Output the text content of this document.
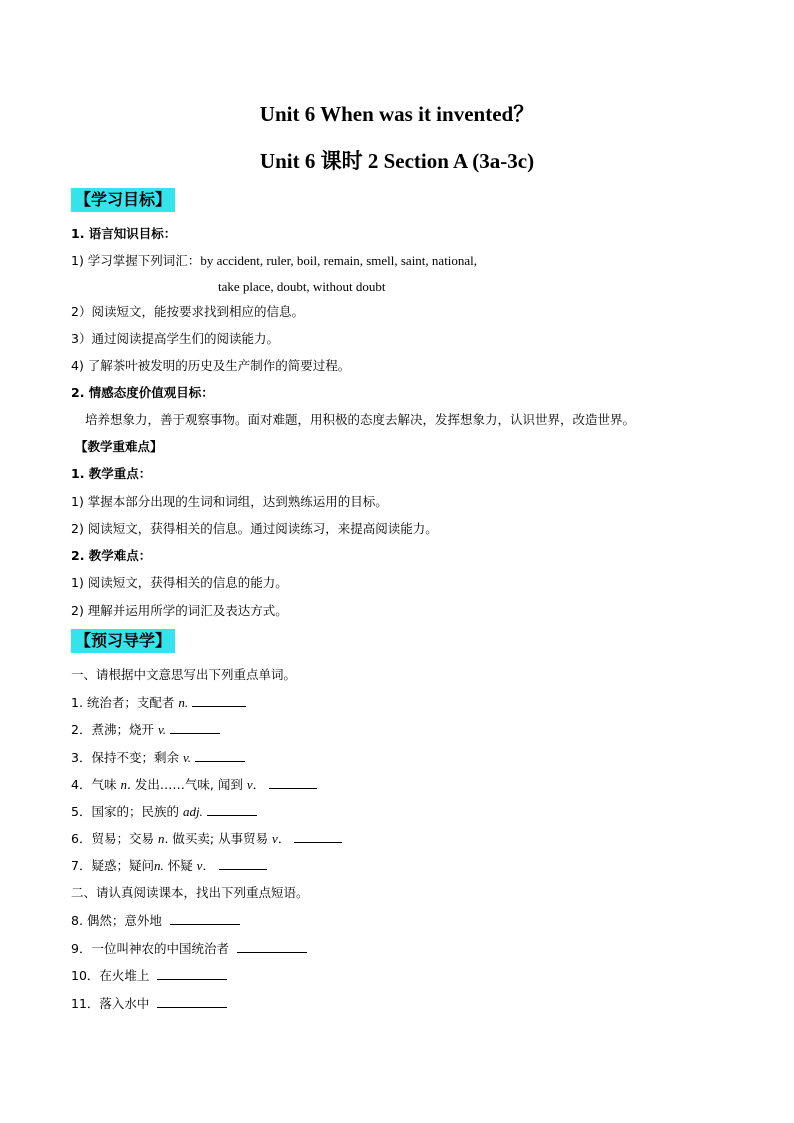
Unit 6 When was it invented？
Unit 6 课时 2 Section A (3a-3c)
【学习目标】
1. 语言知识目标：
1) 学习掌握下列词汇：by accident, ruler, boil, remain, smell, saint, national,
take place, doubt, without doubt
2）阅读短文，能按要求找到相应的信息。
3）通过阅读提高学生们的阅读能力。
4) 了解茶叶被发明的历史及生产制作的简要过程。
2. 情感态度价值观目标：
培养想象力，善于观察事物。面对难题，用积极的态度去解决，发挥想象力，认识世界，改造世界。
【教学重难点】
1. 教学重点：
1) 掌握本部分出现的生词和词组，达到熟练运用的目标。
2) 阅读短文，获得相关的信息。通过阅读练习，来提高阅读能力。
2. 教学难点：
1) 阅读短文，获得相关的信息的能力。
2) 理解并运用所学的词汇及表达方式。
【预习导学】
一、请根据中文意思写出下列重点单词。
1. 统治者；支配者 n.
2．煮沸；烧开 v.
3．保持不变；剩余 v.
4．气味 n. 发出……气味, 闻到 v．
5．国家的；民族的 adj.
6．贸易；交易 n. 做买卖; 从事贸易 v．
7．疑惑；疑问n. 怀疑 v．
二、请认真阅读课本，找出下列重点短语。
8. 偶然；意外地
9．一位叫神农的中国统治者
10．在火堆上
11．落入水中
